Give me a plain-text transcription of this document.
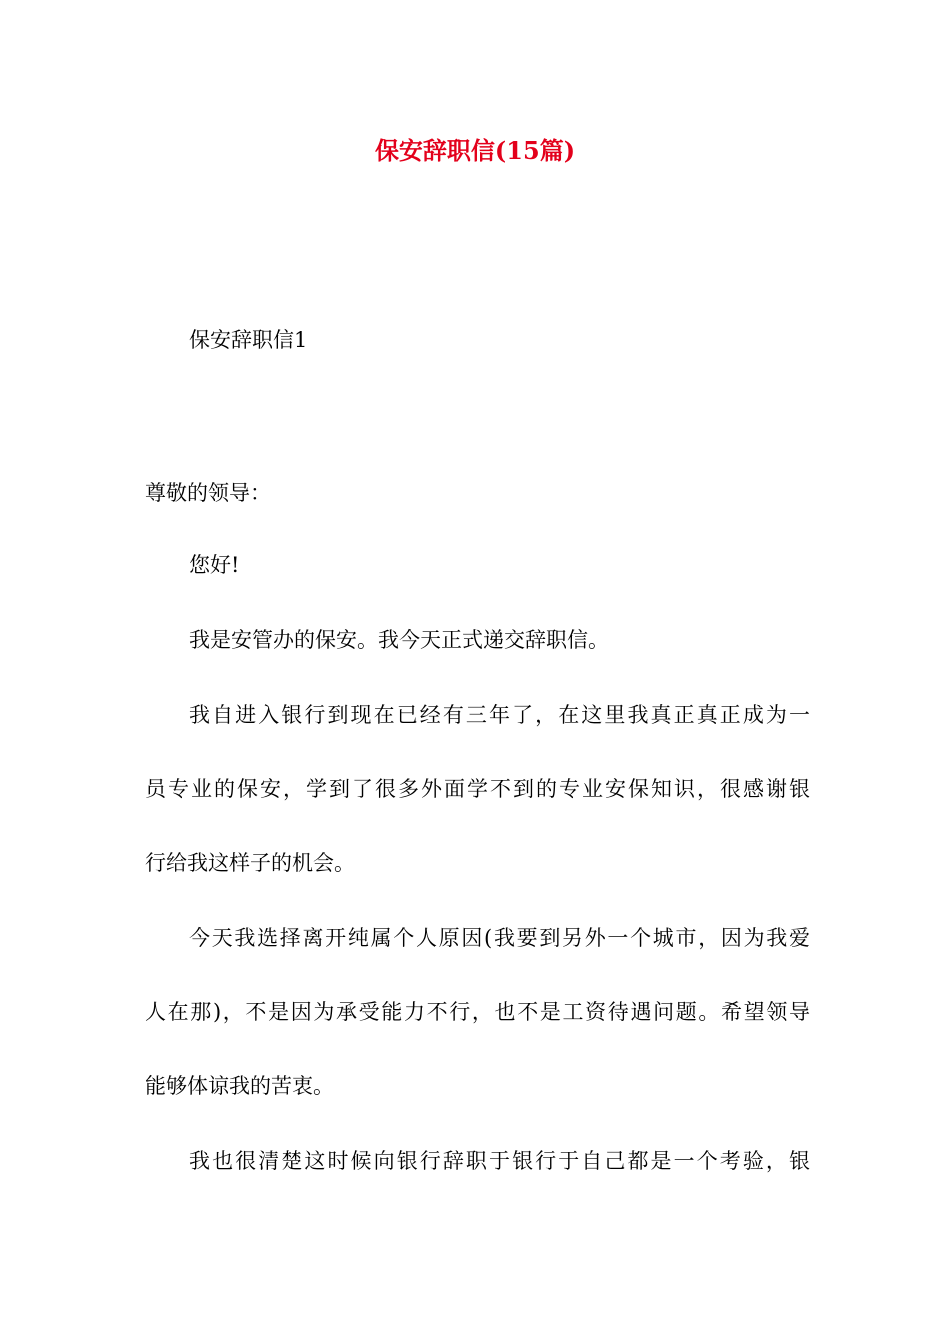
保安辞职信(15篇)
保安辞职信1
尊敬的领导：
您好!
我是安管办的保安。我今天正式递交辞职信。
我自进入银行到现在已经有三年了，在这里我真正真正成为一
员专业的保安，学到了很多外面学不到的专业安保知识，很感谢银
行给我这样子的机会。
今天我选择离开纯属个人原因(我要到另外一个城市，因为我爱
人在那)，不是因为承受能力不行，也不是工资待遇问题。希望领导
能够体谅我的苦衷。
我也很清楚这时候向银行辞职于银行于自己都是一个考验，银
